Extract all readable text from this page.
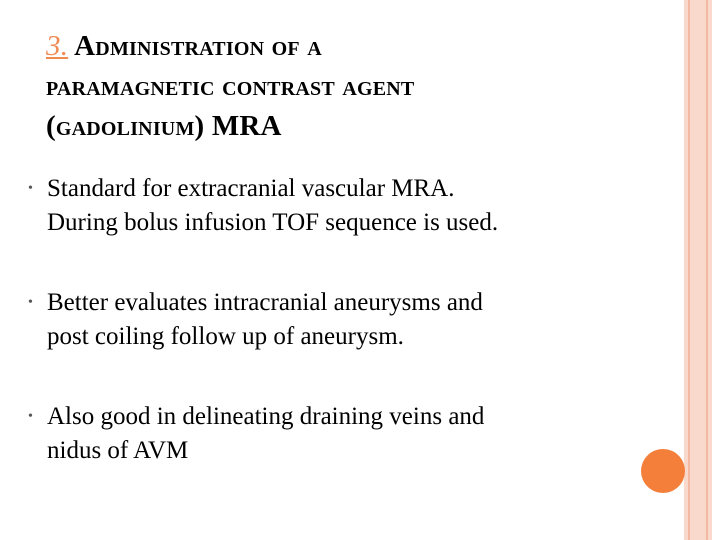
3. Administration of a
paramagnetic contrast agent
(gadolinium) MRA
• Standard for extracranial vascular MRA.
During bolus infusion TOF sequence is used.
• Better evaluates intracranial aneurysms and
post coiling follow up of aneurysm.
• Also good in delineating draining veins and
nidus of AVM
